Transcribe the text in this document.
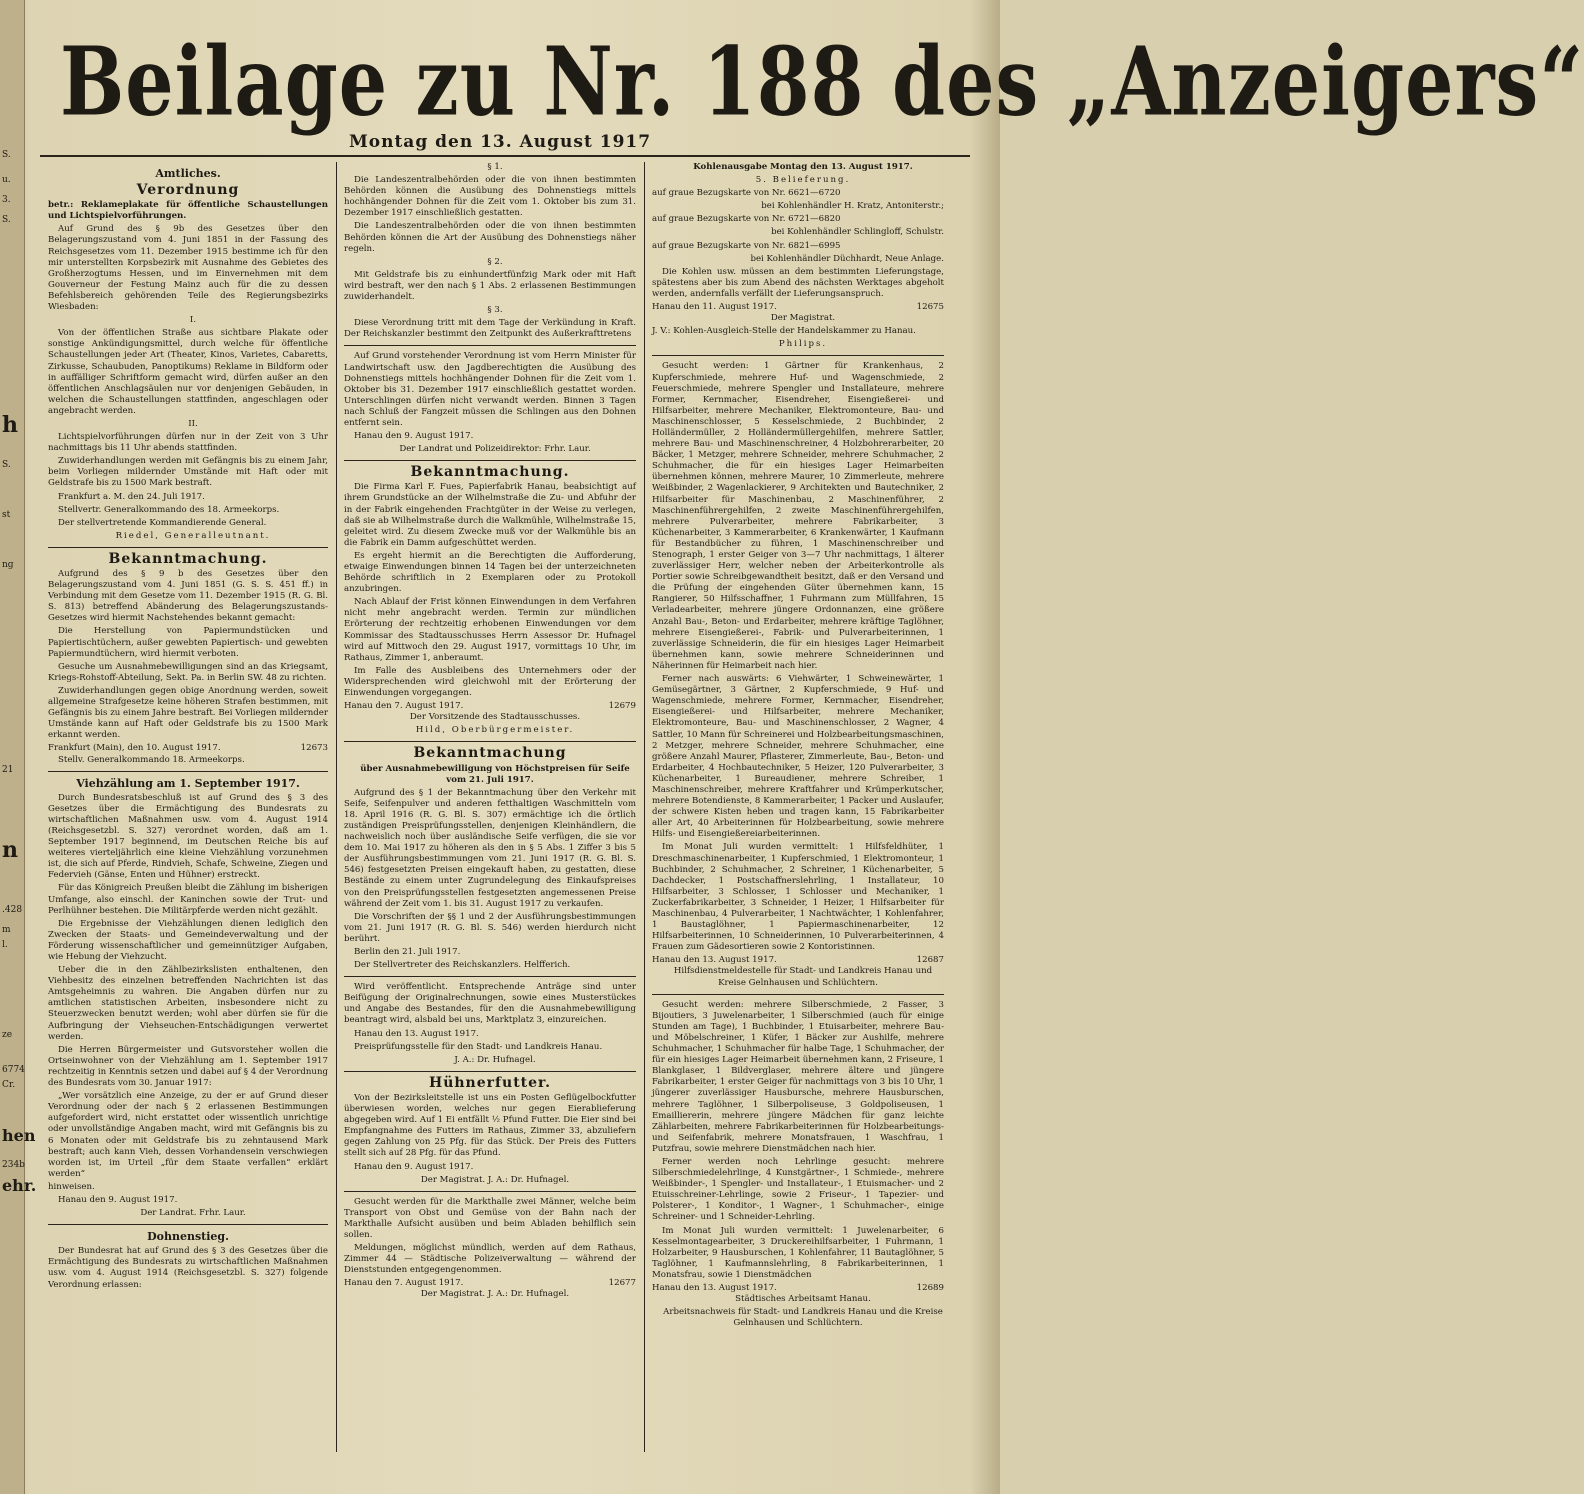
S.
u.
3.
S.
h
S.
st
ng
21
n
.428
m
l.
ze
6774
Cr.
hen
234b
ehr.
Beilage zu Nr. 188 des „Anzeigers“
Montag den 13. August 1917
Amtliches.
Verordnung

betr.: Reklameplakate für öffentliche Schaustellungen und Lichtspielvorführungen.

Auf Grund des § 9b des Gesetzes über den Belagerungszustand vom 4. Juni 1851 in der Fassung des Reichsgesetzes vom 11. Dezember 1915 bestimme ich für den mir unterstellten Korpsbezirk mit Ausnahme des Gebietes des Großherzogtums Hessen, und im Einvernehmen mit dem Gouverneur der Festung Mainz auch für die zu dessen Befehlsbereich gehörenden Teile des Regierungsbezirks Wiesbaden:

I.

Von der öffentlichen Straße aus sichtbare Plakate oder sonstige Ankündigungsmittel, durch welche für öffentliche Schaustellungen jeder Art (Theater, Kinos, Varietes, Cabaretts, Zirkusse, Schaubuden, Panoptikums) Reklame in Bildform oder in auffälliger Schriftform gemacht wird, dürfen außer an den öffentlichen Anschlagsäulen nur vor denjenigen Gebäuden, in welchen die Schaustellungen stattfinden, angeschlagen oder angebracht werden.

II.

Lichtspielvorführungen dürfen nur in der Zeit von 3 Uhr nachmittags bis 11 Uhr abends stattfinden.

Zuwiderhandlungen werden mit Gefängnis bis zu einem Jahr, beim Vorliegen mildernder Umstände mit Haft oder mit Geldstrafe bis zu 1500 Mark bestraft.

Frankfurt a. M. den 24. Juli 1917.

Stellvertr. Generalkommando des 18. Armeekorps.

Der stellvertretende Kommandierende General.

Riedel, Generalleutnant.

Bekanntmachung.

Aufgrund des § 9 b des Gesetzes über den Belagerungszustand vom 4. Juni 1851 (G. S. S. 451 ff.) in Verbindung mit dem Gesetze vom 11. Dezember 1915 (R. G. Bl. S. 813) betreffend Abänderung des Belagerungszustands-Gesetzes wird hiermit Nachstehendes bekannt gemacht:

Die Herstellung von Papiermundstücken und Papiertischtüchern, außer gewebten Papiertisch- und gewebten Papiermundtüchern, wird hiermit verboten.

Gesuche um Ausnahmebewilligungen sind an das Kriegsamt, Kriegs-Rohstoff-Abteilung, Sekt. Pa. in Berlin SW. 48 zu richten.

Zuwiderhandlungen gegen obige Anordnung werden, soweit allgemeine Strafgesetze keine höheren Strafen bestimmen, mit Gefängnis bis zu einem Jahre bestraft. Bei Vorliegen mildernder Umstände kann auf Haft oder Geldstrafe bis zu 1500 Mark erkannt werden.

Frankfurt (Main), den 10. August 1917.	12673

Stellv. Generalkommando 18. Armeekorps.

Viehzählung am 1. September 1917.

Durch Bundesratsbeschluß ist auf Grund des § 3 des Gesetzes über die Ermächtigung des Bundesrats zu wirtschaftlichen Maßnahmen usw. vom 4. August 1914 (Reichsgesetzbl. S. 327) verordnet worden, daß am 1. September 1917 beginnend, im Deutschen Reiche bis auf weiteres vierteljährlich eine kleine Viehzählung vorzunehmen ist, die sich auf Pferde, Rindvieh, Schafe, Schweine, Ziegen und Federvieh (Gänse, Enten und Hühner) erstreckt.

Für das Königreich Preußen bleibt die Zählung im bisherigen Umfange, also einschl. der Kaninchen sowie der Trut- und Perlhühner bestehen. Die Militärpferde werden nicht gezählt.

Die Ergebnisse der Viehzählungen dienen lediglich den Zwecken der Staats- und Gemeindeverwaltung und der Förderung wissenschaftlicher und gemeinnütziger Aufgaben, wie Hebung der Viehzucht.

Ueber die in den Zählbezirkslisten enthaltenen, den Viehbesitz des einzelnen betreffenden Nachrichten ist das Amtsgeheimnis zu wahren. Die Angaben dürfen nur zu amtlichen statistischen Arbeiten, insbesondere nicht zu Steuerzwecken benutzt werden; wohl aber dürfen sie für die Aufbringung der Viehseuchen-Entschädigungen verwertet werden.

Die Herren Bürgermeister und Gutsvorsteher wollen die Ortseinwohner von der Viehzählung am 1. September 1917 rechtzeitig in Kenntnis setzen und dabei auf § 4 der Verordnung des Bundesrats vom 30. Januar 1917:

„Wer vorsätzlich eine Anzeige, zu der er auf Grund dieser Verordnung oder der nach § 2 erlassenen Bestimmungen aufgefordert wird, nicht erstattet oder wissentlich unrichtige oder unvollständige Angaben macht, wird mit Gefängnis bis zu 6 Monaten oder mit Geldstrafe bis zu zehntausend Mark bestraft; auch kann Vieh, dessen Vorhandensein verschwiegen worden ist, im Urteil „für dem Staate verfallen“ erklärt werden“

hinweisen.

Hanau den 9. August 1917.

Der Landrat. Frhr. Laur.

Dohnenstieg.

Der Bundesrat hat auf Grund des § 3 des Gesetzes über die Ermächtigung des Bundesrats zu wirtschaftlichen Maßnahmen usw. vom 4. August 1914 (Reichsgesetzbl. S. 327) folgende Verordnung erlassen:

§ 1.

Die Landeszentralbehörden oder die von ihnen bestimmten Behörden können die Ausübung des Dohnenstiegs mittels hochhängender Dohnen für die Zeit vom 1. Oktober bis zum 31. Dezember 1917 einschließlich gestatten.

Die Landeszentralbehörden oder die von ihnen bestimmten Behörden können die Art der Ausübung des Dohnenstiegs näher regeln.

§ 2.

Mit Geldstrafe bis zu einhundertfünfzig Mark oder mit Haft wird bestraft, wer den nach § 1 Abs. 2 erlassenen Bestimmungen zuwiderhandelt.

§ 3.

Diese Verordnung tritt mit dem Tage der Verkündung in Kraft. Der Reichskanzler bestimmt den Zeitpunkt des Außerkrafttretens

Auf Grund vorstehender Verordnung ist vom Herrn Minister für Landwirtschaft usw. den Jagdberechtigten die Ausübung des Dohnenstiegs mittels hochhängender Dohnen für die Zeit vom 1. Oktober bis 31. Dezember 1917 einschließlich gestattet worden. Unterschlingen dürfen nicht verwandt werden. Binnen 3 Tagen nach Schluß der Fangzeit müssen die Schlingen aus den Dohnen entfernt sein.

Hanau den 9. August 1917.

Der Landrat und Polizeidirektor: Frhr. Laur.

Bekanntmachung.

Die Firma Karl F. Fues, Papierfabrik Hanau, beabsichtigt auf ihrem Grundstücke an der Wilhelmstraße die Zu- und Abfuhr der in der Fabrik eingehenden Frachtgüter in der Weise zu verlegen, daß sie ab Wilhelmstraße durch die Walkmühle, Wilhelmstraße 15, geleitet wird. Zu diesem Zwecke muß vor der Walkmühle bis an die Fabrik ein Damm aufgeschüttet werden.

Es ergeht hiermit an die Berechtigten die Aufforderung, etwaige Einwendungen binnen 14 Tagen bei der unterzeichneten Behörde schriftlich in 2 Exemplaren oder zu Protokoll anzubringen.

Nach Ablauf der Frist können Einwendungen in dem Verfahren nicht mehr angebracht werden. Termin zur mündlichen Erörterung der rechtzeitig erhobenen Einwendungen vor dem Kommissar des Stadtausschusses Herrn Assessor Dr. Hufnagel wird auf Mittwoch den 29. August 1917, vormittags 10 Uhr, im Rathaus, Zimmer 1, anberaumt.

Im Falle des Ausbleibens des Unternehmers oder der Widersprechenden wird gleichwohl mit der Erörterung der Einwendungen vorgegangen.

Hanau den 7. August 1917.	12679

Der Vorsitzende des Stadtausschusses.

Hild, Oberbürgermeister.

Bekanntmachung

über Ausnahmebewilligung von Höchstpreisen für Seife vom 21. Juli 1917.

Aufgrund des § 1 der Bekanntmachung über den Verkehr mit Seife, Seifenpulver und anderen fetthaltigen Waschmitteln vom 18. April 1916 (R. G. Bl. S. 307) ermächtige ich die örtlich zuständigen Preisprüfungsstellen, denjenigen Kleinhändlern, die nachweislich noch über ausländische Seife verfügen, die sie vor dem 10. Mai 1917 zu höheren als den in § 5 Abs. 1 Ziffer 3 bis 5 der Ausführungsbestimmungen vom 21. Juni 1917 (R. G. Bl. S. 546) festgesetzten Preisen eingekauft haben, zu gestatten, diese Bestände zu einem unter Zugrundelegung des Einkaufspreises von den Preisprüfungsstellen festgesetzten angemessenen Preise während der Zeit vom 1. bis 31. August 1917 zu verkaufen.

Die Vorschriften der §§ 1 und 2 der Ausführungsbestimmungen vom 21. Juni 1917 (R. G. Bl. S. 546) werden hierdurch nicht berührt.

Berlin den 21. Juli 1917.

Der Stellvertreter des Reichskanzlers. Helfferich.

Wird veröffentlicht. Entsprechende Anträge sind unter Beifügung der Originalrechnungen, sowie eines Musterstückes und Angabe des Bestandes, für den die Ausnahmebewilligung beantragt wird, alsbald bei uns, Marktplatz 3, einzureichen.

Hanau den 13. August 1917.

Preisprüfungsstelle für den Stadt- und Landkreis Hanau.

J. A.: Dr. Hufnagel.

Hühnerfutter.

Von der Bezirksleitstelle ist uns ein Posten Geflügelbockfutter überwiesen worden, welches nur gegen Eierablieferung abgegeben wird. Auf 1 Ei entfällt ½ Pfund Futter. Die Eier sind bei Empfangnahme des Futters im Rathaus, Zimmer 33, abzuliefern gegen Zahlung von 25 Pfg. für das Stück. Der Preis des Futters stellt sich auf 28 Pfg. für das Pfund.

Hanau den 9. August 1917.

Der Magistrat. J. A.: Dr. Hufnagel.

Gesucht werden für die Markthalle zwei Männer, welche beim Transport von Obst und Gemüse von der Bahn nach der Markthalle Aufsicht ausüben und beim Abladen behilflich sein sollen.

Meldungen, möglichst mündlich, werden auf dem Rathaus, Zimmer 44 — Städtische Polizeiverwaltung — während der Dienststunden entgegengenommen.

Hanau den 7. August 1917.	12677

Der Magistrat. J. A.: Dr. Hufnagel.

Kohlenausgabe Montag den 13. August 1917.

5. Belieferung.

auf graue Bezugskarte von Nr. 6621—6720

bei Kohlenhändler H. Kratz, Antoniterstr.;

auf graue Bezugskarte von Nr. 6721—6820

bei Kohlenhändler Schlingloff, Schulstr.

auf graue Bezugskarte von Nr. 6821—6995

bei Kohlenhändler Düchhardt, Neue Anlage.

Die Kohlen usw. müssen an dem bestimmten Lieferungstage, spätestens aber bis zum Abend des nächsten Werktages abgeholt werden, andernfalls verfällt der Lieferungsanspruch.

Hanau den 11. August 1917.	12675

Der Magistrat.

J. V.: Kohlen-Ausgleich-Stelle der Handelskammer zu Hanau.

Philips.

Gesucht werden: 1 Gärtner für Krankenhaus, 2 Kupferschmiede, mehrere Huf- und Wagenschmiede, 2 Feuerschmiede, mehrere Spengler und Installateure, mehrere Former, Kernmacher, Eisendreher, Eisengießerei- und Hilfsarbeiter, mehrere Mechaniker, Elektromonteure, Bau- und Maschinenschlosser, 5 Kesselschmiede, 2 Buchbinder, 2 Holländermüller, 2 Holländermüllergehilfen, mehrere Sattler, mehrere Bau- und Maschinenschreiner, 4 Holzbohrerarbeiter, 20 Bäcker, 1 Metzger, mehrere Schneider, mehrere Schuhmacher, 2 Schuhmacher, die für ein hiesiges Lager Heimarbeiten übernehmen können, mehrere Maurer, 10 Zimmerleute, mehrere Weißbinder, 2 Wagenlackierer, 9 Architekten und Bautechniker, 2 Hilfsarbeiter für Maschinenbau, 2 Maschinenführer, 2 Maschinenführergehilfen, 2 zweite Maschinenführergehilfen, mehrere Pulverarbeiter, mehrere Fabrikarbeiter, 3 Küchenarbeiter, 3 Kammerarbeiter, 6 Krankenwärter, 1 Kaufmann für Bestandbücher zu führen, 1 Maschinenschreiber und Stenograph, 1 erster Geiger von 3—7 Uhr nachmittags, 1 älterer zuverlässiger Herr, welcher neben der Arbeiterkontrolle als Portier sowie Schreibgewandtheit besitzt, daß er den Versand und die Prüfung der eingehenden Güter übernehmen kann, 15 Rangierer, 50 Hilfsschaffner, 1 Fuhrmann zum Müllfahren, 15 Verladearbeiter, mehrere jüngere Ordonnanzen, eine größere Anzahl Bau-, Beton- und Erdarbeiter, mehrere kräftige Taglöhner, mehrere Eisengießerei-, Fabrik- und Pulverarbeiterinnen, 1 zuverlässige Schneiderin, die für ein hiesiges Lager Heimarbeit übernehmen kann, sowie mehrere Schneiderinnen und Näherinnen für Heimarbeit nach hier.

Ferner nach auswärts: 6 Viehwärter, 1 Schweinewärter, 1 Gemüsegärtner, 3 Gärtner, 2 Kupferschmiede, 9 Huf- und Wagenschmiede, mehrere Former, Kernmacher, Eisendreher, Eisengießerei- und Hilfsarbeiter, mehrere Mechaniker, Elektromonteure, Bau- und Maschinenschlosser, 2 Wagner, 4 Sattler, 10 Mann für Schreinerei und Holzbearbeitungsmaschinen, 2 Metzger, mehrere Schneider, mehrere Schuhmacher, eine größere Anzahl Maurer, Pflasterer, Zimmerleute, Bau-, Beton- und Erdarbeiter, 4 Hochbautechniker, 5 Heizer, 120 Pulverarbeiter, 3 Küchenarbeiter, 1 Bureaudiener, mehrere Schreiber, 1 Maschinenschreiber, mehrere Kraftfahrer und Krümperkutscher, mehrere Botendienste, 8 Kammerarbeiter, 1 Packer und Auslaufer, der schwere Kisten heben und tragen kann, 15 Fabrikarbeiter aller Art, 40 Arbeiterinnen für Holzbearbeitung, sowie mehrere Hilfs- und Eisengießereiarbeiterinnen.

Im Monat Juli wurden vermittelt: 1 Hilfsfeldhüter, 1 Dreschmaschinenarbeiter, 1 Kupferschmied, 1 Elektromonteur, 1 Buchbinder, 2 Schuhmacher, 2 Schreiner, 1 Küchenarbeiter, 5 Dachdecker, 1 Postschaffnerslehrling, 1 Installateur, 10 Hilfsarbeiter, 3 Schlosser, 1 Schlosser und Mechaniker, 1 Zuckerfabrikarbeiter, 3 Schneider, 1 Heizer, 1 Hilfsarbeiter für Maschinenbau, 4 Pulverarbeiter, 1 Nachtwächter, 1 Kohlenfahrer, 1 Baustaglöhner, 1 Papiermaschinenarbeiter, 12 Hilfsarbeiterinnen, 10 Schneiderinnen, 10 Pulverarbeiterinnen, 4 Frauen zum Gädesortieren sowie 2 Kontoristinnen.

Hanau den 13. August 1917.	12687

Hilfsdienstmeldestelle für Stadt- und Landkreis Hanau und Kreise Gelnhausen und Schlüchtern.

Gesucht werden: mehrere Silberschmiede, 2 Fasser, 3 Bijoutiers, 3 Juwelenarbeiter, 1 Silberschmied (auch für einige Stunden am Tage), 1 Buchbinder, 1 Etuisarbeiter, mehrere Bau- und Möbelschreiner, 1 Küfer, 1 Bäcker zur Aushilfe, mehrere Schuhmacher, 1 Schuhmacher für halbe Tage, 1 Schuhmacher, der für ein hiesiges Lager Heimarbeit übernehmen kann, 2 Friseure, 1 Blankglaser, 1 Bildverglaser, mehrere ältere und jüngere Fabrikarbeiter, 1 erster Geiger für nachmittags von 3 bis 10 Uhr, 1 jüngerer zuverlässiger Hausbursche, mehrere Hausburschen, mehrere Taglöhner, 1 Silberpoliseuse, 3 Goldpoliseusen, 1 Emailliererin, mehrere jüngere Mädchen für ganz leichte Zählarbeiten, mehrere Fabrikarbeiterinnen für Holzbearbeitungs- und Seifenfabrik, mehrere Monatsfrauen, 1 Waschfrau, 1 Putzfrau, sowie mehrere Dienstmädchen nach hier.

Ferner werden noch Lehrlinge gesucht: mehrere Silberschmiedelehrlinge, 4 Kunstgärtner-, 1 Schmiede-, mehrere Weißbinder-, 1 Spengler- und Installateur-, 1 Etuismacher- und 2 Etuisschreiner-Lehrlinge, sowie 2 Friseur-, 1 Tapezier- und Polsterer-, 1 Konditor-, 1 Wagner-, 1 Schuhmacher-, einige Schreiner- und 1 Schneider-Lehrling.

Im Monat Juli wurden vermittelt: 1 Juwelenarbeiter, 6 Kesselmontagearbeiter, 3 Druckereihilfsarbeiter, 1 Fuhrmann, 1 Holzarbeiter, 9 Hausburschen, 1 Kohlenfahrer, 11 Bautaglöhner, 5 Taglöhner, 1 Kaufmannslehrling, 8 Fabrikarbeiterinnen, 1 Monatsfrau, sowie 1 Dienstmädchen

Hanau den 13. August 1917.	12689

Städtisches Arbeitsamt Hanau.

Arbeitsnachweis für Stadt- und Landkreis Hanau und die Kreise Gelnhausen und Schlüchtern.
